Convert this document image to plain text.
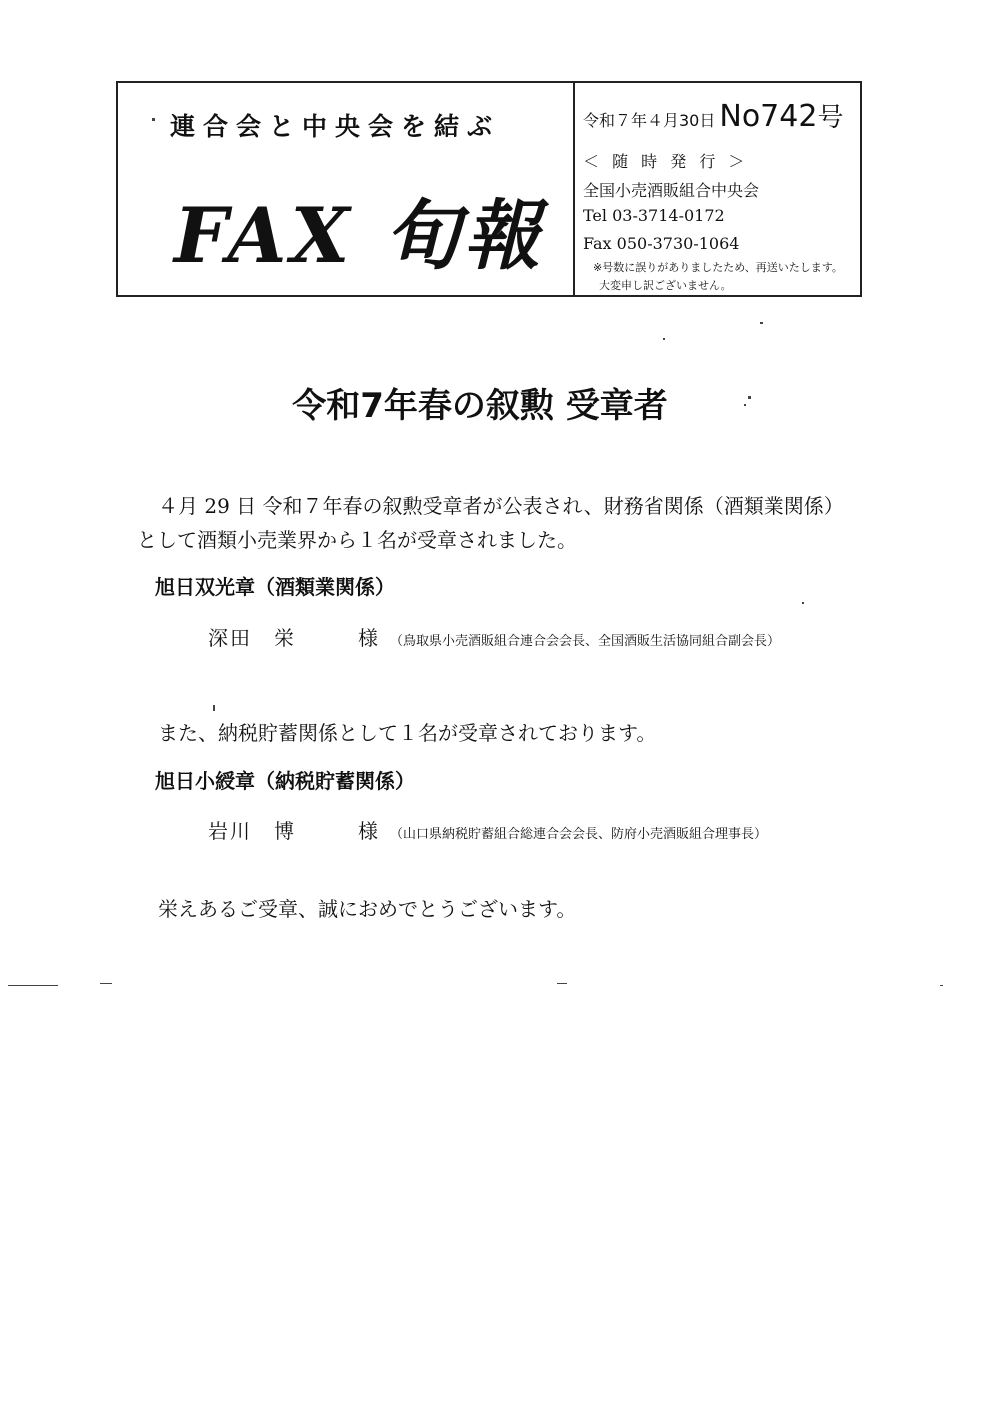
連合会と中央会を結ぶ
FAX 旬報
令和７年４月30日 No742号
＜ 随 時 発 行 ＞
全国小売酒販組合中央会
Tel 03-3714-0172
Fax 050-3730-1064
※号数に誤りがありましたため、再送いたします。
大変申し訳ございません。
令和7年春の叙勲 受章者
４月 29 日 令和７年春の叙勲受章者が公表され、財務省関係（酒類業関係）
として酒類小売業界から１名が受章されました。
旭日双光章（酒類業関係）
深田　栄	様 （鳥取県小売酒販組合連合会会長、全国酒販生活協同組合副会長）
また、納税貯蓄関係として１名が受章されております。
旭日小綬章（納税貯蓄関係）
岩川　博	様 （山口県納税貯蓄組合総連合会会長、防府小売酒販組合理事長）
栄えあるご受章、誠におめでとうございます。
